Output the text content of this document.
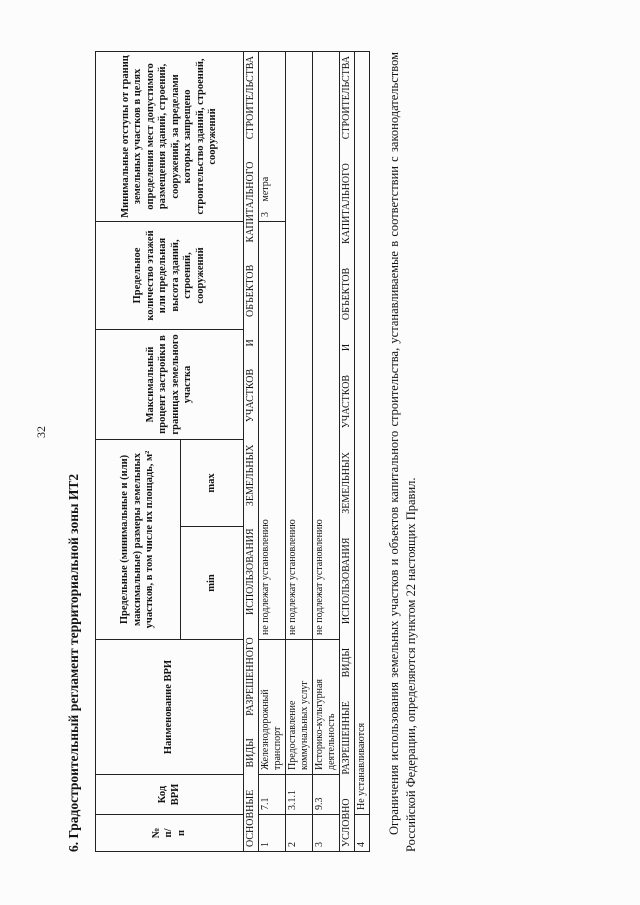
32
6. Градостроительный регламент территориальной зоны ИТ2	№ п/п	Код ВРИ	Наименование ВРИ	Предельные (минимальные и (или) максимальные) размеры земельных участков, в том числе их площадь, м²		Максимальный процент застройки в границах земельного участка	Предельное количество этажей или предельная высота зданий, строений, сооружений	Минимальные отступы от границ земельных участков в целях определения мест допустимого размещения зданий, строений, сооружений, за пределами которых запрещено строительство зданий, строений, сооружений
			min	max			

ОСНОВНЫЕ ВИДЫ РАЗРЕШЕННОГО ИСПОЛЬЗОВАНИЯ ЗЕМЕЛЬНЫХ УЧАСТКОВ И ОБЪЕКТОВ КАПИТАЛЬНОГО СТРОИТЕЛЬСТВА							

1	7.1	Железнодорожный транспорт	не подлежат установлению				3 метра
2	3.1.1	Предоставление коммунальных услуг	не подлежат установлению				
3	9.3	Историко-культурная деятельность	не подлежат установлению				

УСЛОВНО РАЗРЕШЕННЫЕ ВИДЫ ИСПОЛЬЗОВАНИЯ ЗЕМЕЛЬНЫХ УЧАСТКОВ И ОБЪЕКТОВ КАПИТАЛЬНОГО СТРОИТЕЛЬСТВА							

4	Не устанавливаются						Ограничения использования земельных участков и объектов капитального строительства, устанавливаемые в соответствии с законодательством Российской Федерации, определяются пунктом 22 настоящих Правил.
